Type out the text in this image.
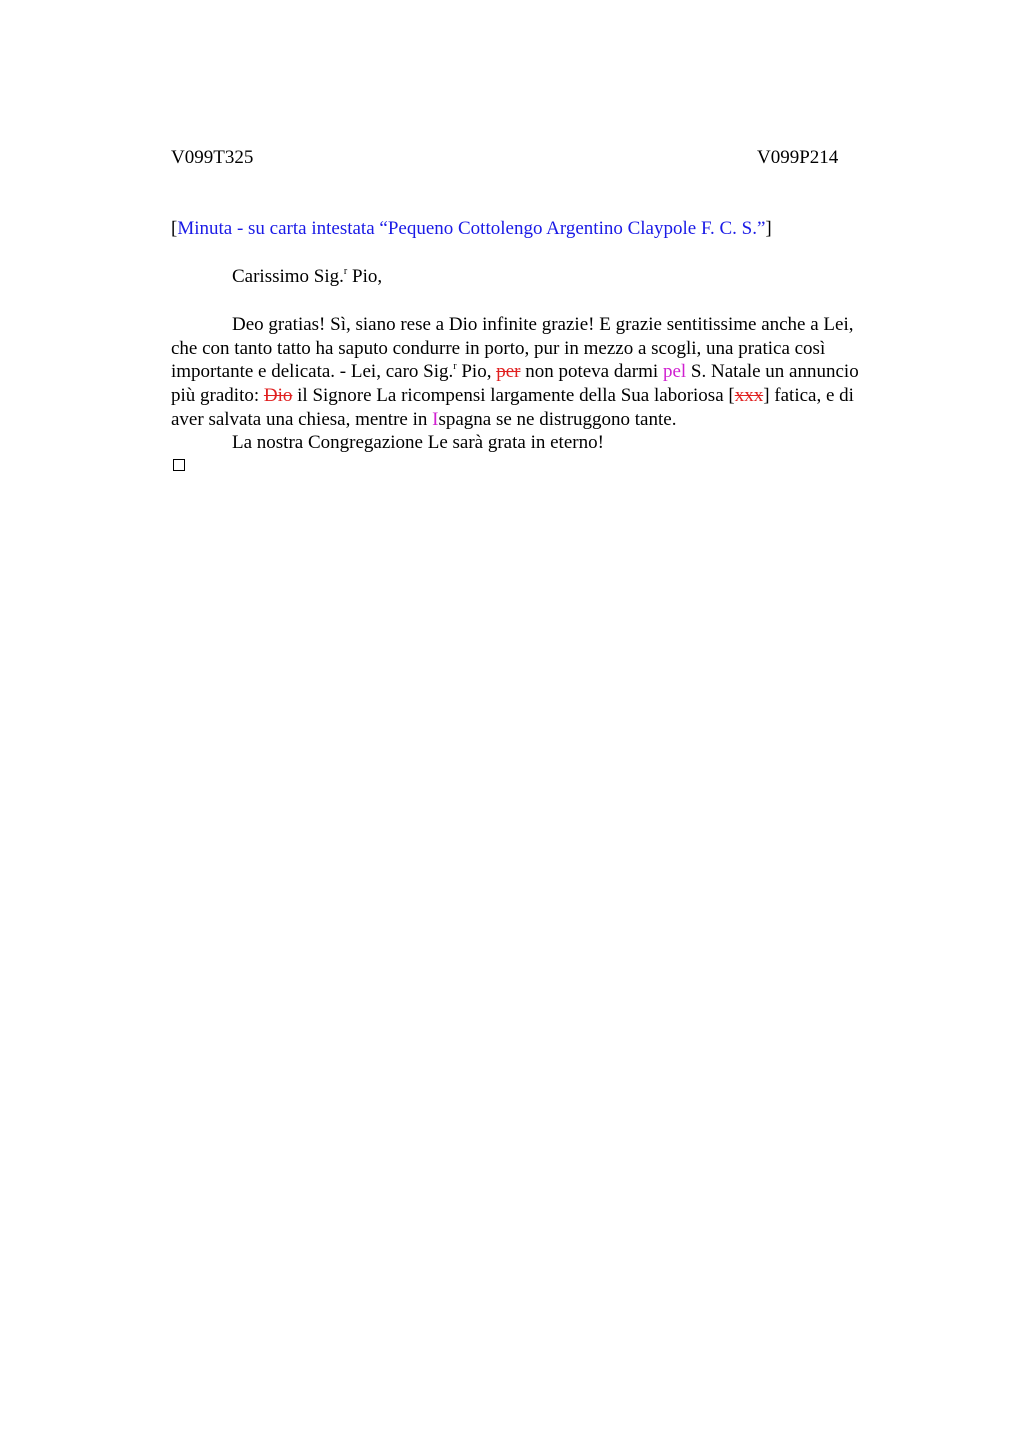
V099T325	V099P214
[Minuta - su carta intestata “Pequeno Cottolengo Argentino Claypole F. C. S.”]
Carissimo Sig.$^r$ Pio,
Deo gratias! Sì, siano rese a Dio infinite grazie! E grazie sentitissime anche a Lei,
che con tanto tatto ha saputo condurre in porto, pur in mezzo a scogli, una pratica così
importante e delicata. - Lei, caro Sig.$^r$ Pio, per non poteva darmi pel S. Natale un annuncio
più gradito: Dio il Signore La ricompensi largamente della Sua laboriosa [xxx] fatica, e di
aver salvata una chiesa, mentre in Ispagna se ne distruggono tante.
La nostra Congregazione Le sarà grata in eterno!
